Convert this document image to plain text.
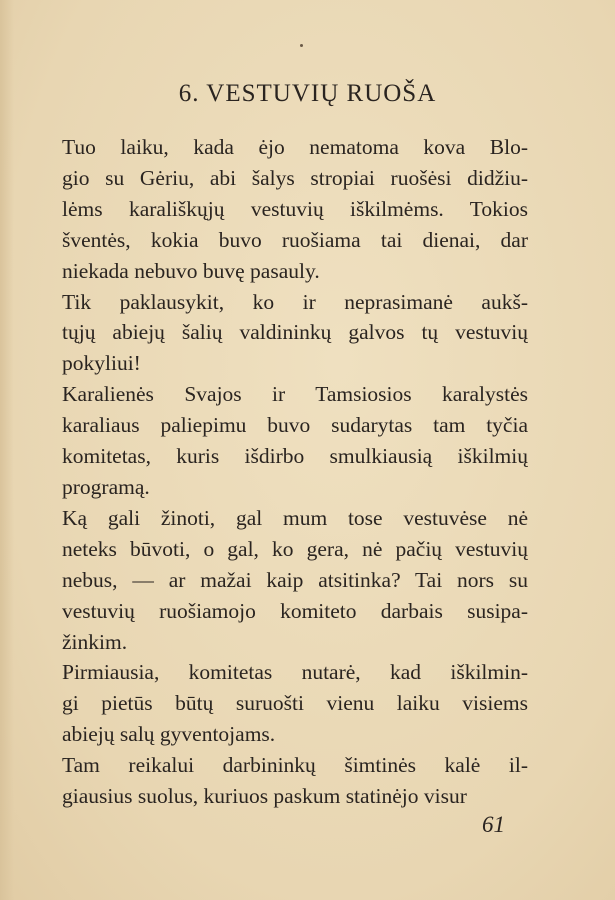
6. VESTUVIŲ RUOŠA

Tuo laiku, kada ėjo nematoma kova Blo-
gio su Gėriu, abi šalys stropiai ruošėsi didžiu-
lėms karališkųjų vestuvių iškilmėms. Tokios
šventės, kokia buvo ruošiama tai dienai, dar
niekada nebuvo buvę pasauly.

Tik paklausykit, ko ir neprasimanė aukš-
tųjų abiejų šalių valdininkų galvos tų vestuvių
pokyliui!

Karalienės Svajos ir Tamsiosios karalystės
karaliaus paliepimu buvo sudarytas tam tyčia
komitetas, kuris išdirbo smulkiausią iškilmių
programą.

Ką gali žinoti, gal mum tose vestuvėse nė
neteks būvoti, o gal, ko gera, nė pačių vestuvių
nebus, — ar mažai kaip atsitinka? Tai nors su
vestuvių ruošiamojo komiteto darbais susipa-
žinkim.

Pirmiausia, komitetas nutarė, kad iškilmin-
gi pietūs būtų suruošti vienu laiku visiems
abiejų salų gyventojams.

Tam reikalui darbininkų šimtinės kalė il-
giausius suolus, kuriuos paskum statinėjo visur

61
